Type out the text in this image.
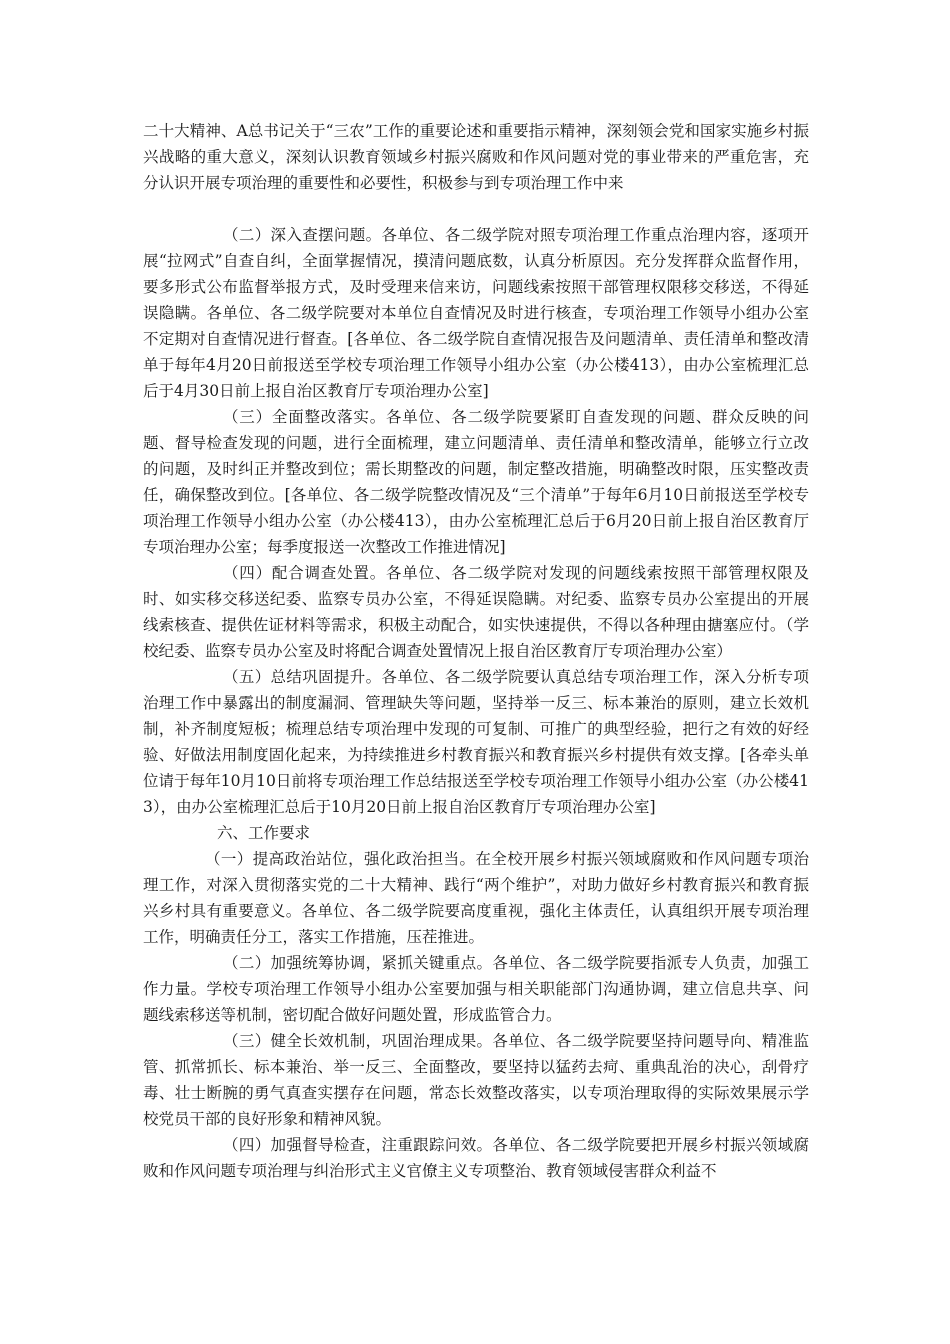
二十大精神、A总书记关于“三农”工作的重要论述和重要指示精神，深刻领会党和国家实施乡村振兴战略的重大意义，深刻认识教育领域乡村振兴腐败和作风问题对党的事业带来的严重危害，充分认识开展专项治理的重要性和必要性，积极参与到专项治理工作中来

（二）深入查摆问题。各单位、各二级学院对照专项治理工作重点治理内容，逐项开展“拉网式”自查自纠，全面掌握情况，摸清问题底数，认真分析原因。充分发挥群众监督作用，要多形式公布监督举报方式，及时受理来信来访，问题线索按照干部管理权限移交移送，不得延误隐瞒。各单位、各二级学院要对本单位自查情况及时进行核查，专项治理工作领导小组办公室不定期对自查情况进行督查。[各单位、各二级学院自查情况报告及问题清单、责任清单和整改清单于每年4月20日前报送至学校专项治理工作领导小组办公室（办公楼413），由办公室梳理汇总后于4月30日前上报自治区教育厅专项治理办公室]

（三）全面整改落实。各单位、各二级学院要紧盯自查发现的问题、群众反映的问题、督导检查发现的问题，进行全面梳理，建立问题清单、责任清单和整改清单，能够立行立改的问题，及时纠正并整改到位；需长期整改的问题，制定整改措施，明确整改时限，压实整改责任，确保整改到位。[各单位、各二级学院整改情况及“三个清单”于每年6月10日前报送至学校专项治理工作领导小组办公室（办公楼413），由办公室梳理汇总后于6月20日前上报自治区教育厅专项治理办公室；每季度报送一次整改工作推进情况]

（四）配合调查处置。各单位、各二级学院对发现的问题线索按照干部管理权限及时、如实移交移送纪委、监察专员办公室，不得延误隐瞒。对纪委、监察专员办公室提出的开展线索核查、提供佐证材料等需求，积极主动配合，如实快速提供，不得以各种理由搪塞应付。（学校纪委、监察专员办公室及时将配合调查处置情况上报自治区教育厅专项治理办公室）

（五）总结巩固提升。各单位、各二级学院要认真总结专项治理工作，深入分析专项治理工作中暴露出的制度漏洞、管理缺失等问题，坚持举一反三、标本兼治的原则，建立长效机制，补齐制度短板；梳理总结专项治理中发现的可复制、可推广的典型经验，把行之有效的好经验、好做法用制度固化起来，为持续推进乡村教育振兴和教育振兴乡村提供有效支撑。[各牵头单位请于每年10月10日前将专项治理工作总结报送至学校专项治理工作领导小组办公室（办公楼413），由办公室梳理汇总后于10月20日前上报自治区教育厅专项治理办公室]

六、工作要求

（一）提高政治站位，强化政治担当。在全校开展乡村振兴领域腐败和作风问题专项治理工作，对深入贯彻落实党的二十大精神、践行“两个维护”，对助力做好乡村教育振兴和教育振兴乡村具有重要意义。各单位、各二级学院要高度重视，强化主体责任，认真组织开展专项治理工作，明确责任分工，落实工作措施，压茬推进。

（二）加强统筹协调，紧抓关键重点。各单位、各二级学院要指派专人负责，加强工作力量。学校专项治理工作领导小组办公室要加强与相关职能部门沟通协调，建立信息共享、问题线索移送等机制，密切配合做好问题处置，形成监管合力。

（三）健全长效机制，巩固治理成果。各单位、各二级学院要坚持问题导向、精准监管、抓常抓长、标本兼治、举一反三、全面整改，要坚持以猛药去疴、重典乱治的决心，刮骨疗毒、壮士断腕的勇气真查实摆存在问题，常态长效整改落实，以专项治理取得的实际效果展示学校党员干部的良好形象和精神风貌。

（四）加强督导检查，注重跟踪问效。各单位、各二级学院要把开展乡村振兴领域腐败和作风问题专项治理与纠治形式主义官僚主义专项整治、教育领域侵害群众利益不
